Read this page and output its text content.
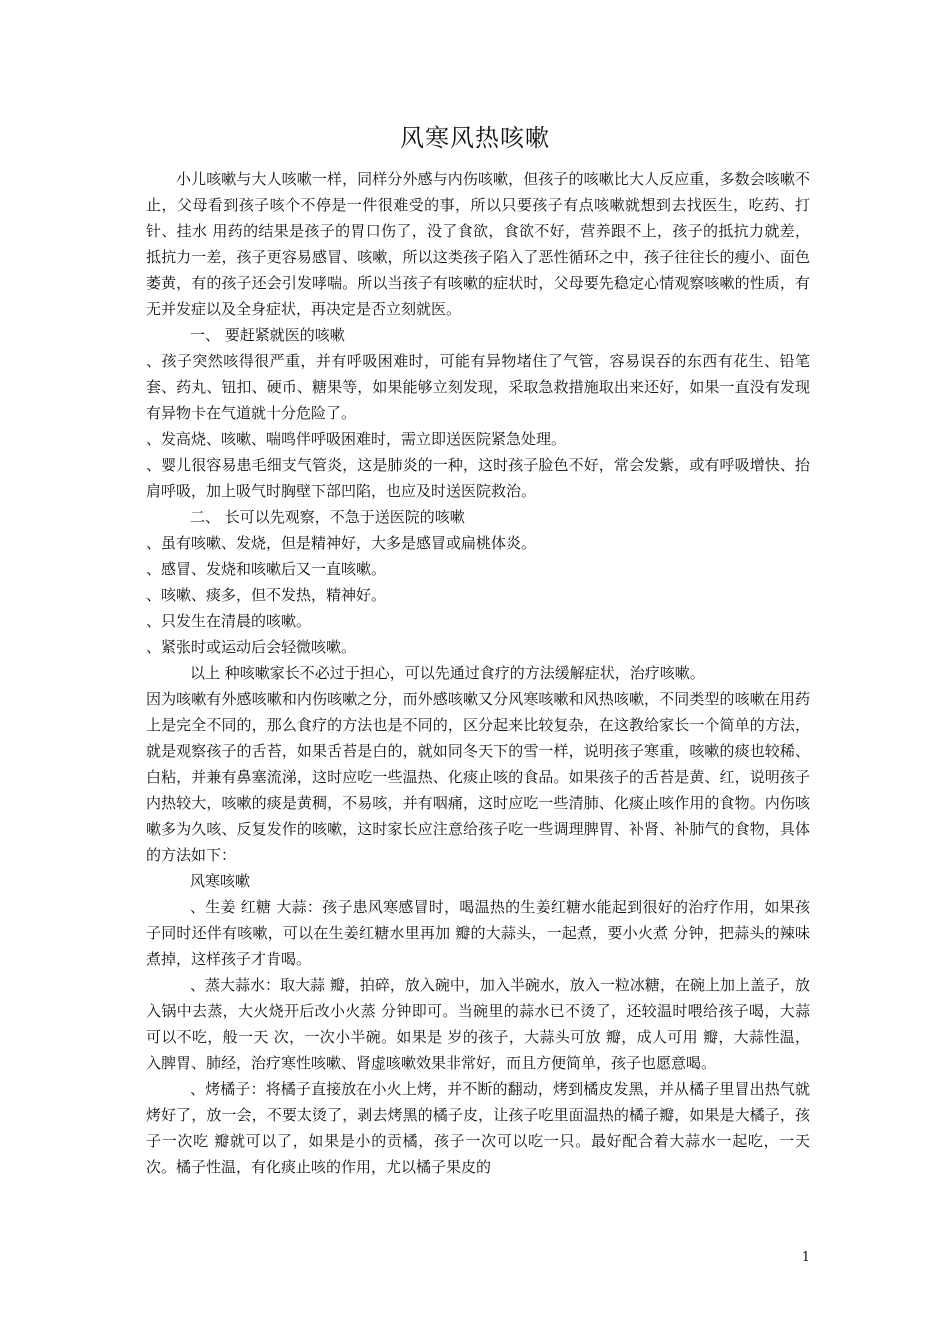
风寒风热咳嗽

小儿咳嗽与大人咳嗽一样，同样分外感与内伤咳嗽，但孩子的咳嗽比大人反应重，多数会咳嗽不止，父母看到孩子咳个不停是一件很难受的事，所以只要孩子有点咳嗽就想到去找医生，吃药、打针、挂水 用药的结果是孩子的胃口伤了，没了食欲，食欲不好，营养跟不上，孩子的抵抗力就差，抵抗力一差，孩子更容易感冒、咳嗽，所以这类孩子陷入了恶性循环之中，孩子往往长的瘦小、面色萎黄，有的孩子还会引发哮喘。所以当孩子有咳嗽的症状时，父母要先稳定心情观察咳嗽的性质，有无并发症以及全身症状，再决定是否立刻就医。

一、 要赶紧就医的咳嗽

、孩子突然咳得很严重，并有呼吸困难时，可能有异物堵住了气管，容易误吞的东西有花生、铅笔套、药丸、钮扣、硬币、糖果等，如果能够立刻发现，采取急救措施取出来还好，如果一直没有发现有异物卡在气道就十分危险了。

、发高烧、咳嗽、喘鸣伴呼吸困难时，需立即送医院紧急处理。

、婴儿很容易患毛细支气管炎，这是肺炎的一种，这时孩子脸色不好，常会发紫，或有呼吸增快、抬肩呼吸，加上吸气时胸壁下部凹陷，也应及时送医院救治。

二、 长可以先观察，不急于送医院的咳嗽

、虽有咳嗽、发烧，但是精神好，大多是感冒或扁桃体炎。

、感冒、发烧和咳嗽后又一直咳嗽。

、咳嗽、痰多，但不发热，精神好。

、只发生在清晨的咳嗽。

、紧张时或运动后会轻微咳嗽。

以上 种咳嗽家长不必过于担心，可以先通过食疗的方法缓解症状，治疗咳嗽。

因为咳嗽有外感咳嗽和内伤咳嗽之分，而外感咳嗽又分风寒咳嗽和风热咳嗽，不同类型的咳嗽在用药上是完全不同的，那么食疗的方法也是不同的，区分起来比较复杂，在这教给家长一个简单的方法，就是观察孩子的舌苔，如果舌苔是白的，就如同冬天下的雪一样，说明孩子寒重，咳嗽的痰也较稀、白粘，并兼有鼻塞流涕，这时应吃一些温热、化痰止咳的食品。如果孩子的舌苔是黄、红，说明孩子内热较大，咳嗽的痰是黄稠，不易咳，并有咽痛，这时应吃一些清肺、化痰止咳作用的食物。内伤咳嗽多为久咳、反复发作的咳嗽，这时家长应注意给孩子吃一些调理脾胃、补肾、补肺气的食物，具体的方法如下：

风寒咳嗽

、生姜 红糖 大蒜：孩子患风寒感冒时，喝温热的生姜红糖水能起到很好的治疗作用，如果孩子同时还伴有咳嗽，可以在生姜红糖水里再加 瓣的大蒜头，一起煮，要小火煮 分钟，把蒜头的辣味煮掉，这样孩子才肯喝。

、蒸大蒜水：取大蒜 瓣，拍碎，放入碗中，加入半碗水，放入一粒冰糖，在碗上加上盖子，放入锅中去蒸，大火烧开后改小火蒸 分钟即可。当碗里的蒜水已不烫了，还较温时喂给孩子喝，大蒜可以不吃，般一天 次，一次小半碗。如果是 岁的孩子，大蒜头可放 瓣，成人可用 瓣，大蒜性温，入脾胃、肺经，治疗寒性咳嗽、肾虚咳嗽效果非常好，而且方便简单，孩子也愿意喝。

、烤橘子：将橘子直接放在小火上烤，并不断的翻动，烤到橘皮发黑，并从橘子里冒出热气就烤好了，放一会，不要太烫了，剥去烤黑的橘子皮，让孩子吃里面温热的橘子瓣，如果是大橘子，孩子一次吃 瓣就可以了，如果是小的贡橘，孩子一次可以吃一只。最好配合着大蒜水一起吃，一天 次。橘子性温，有化痰止咳的作用，尤以橘子果皮的

1
